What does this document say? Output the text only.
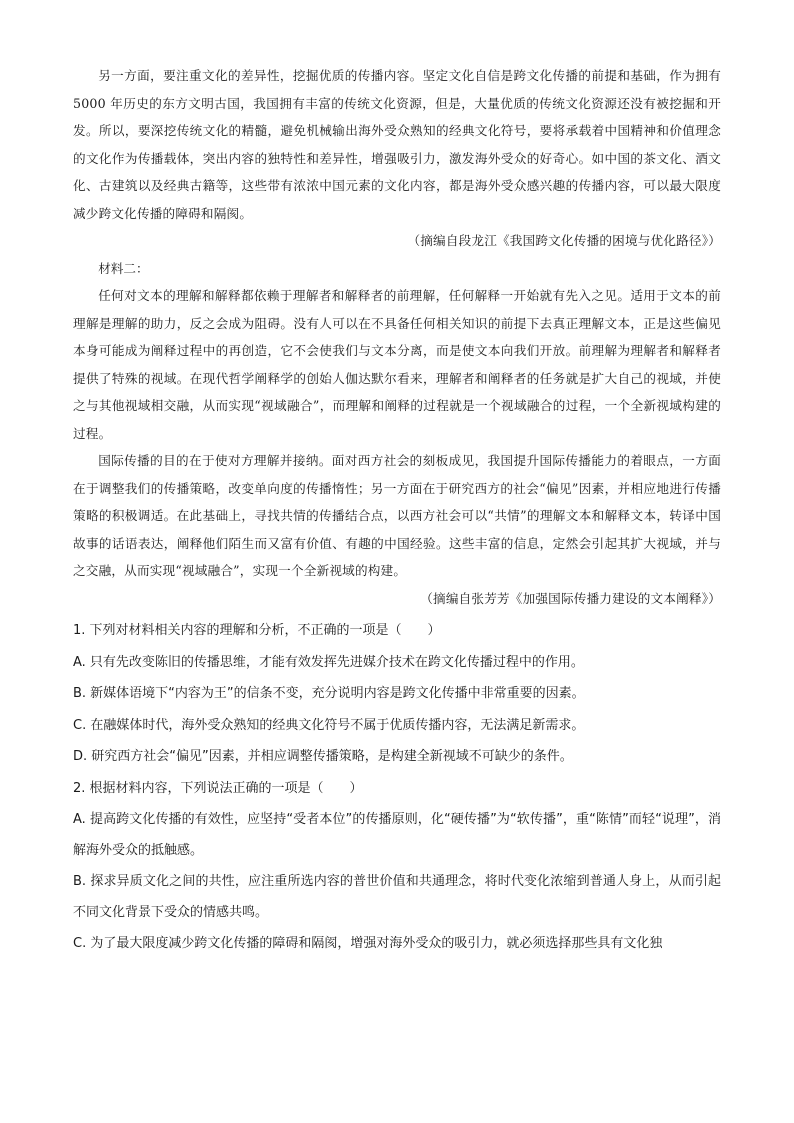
另一方面，要注重文化的差异性，挖掘优质的传播内容。坚定文化自信是跨文化传播的前提和基础，作为拥有 5000 年历史的东方文明古国，我国拥有丰富的传统文化资源，但是，大量优质的传统文化资源还没有被挖掘和开发。所以，要深挖传统文化的精髓，避免机械输出海外受众熟知的经典文化符号，要将承载着中国精神和价值理念的文化作为传播载体，突出内容的独特性和差异性，增强吸引力，激发海外受众的好奇心。如中国的茶文化、酒文化、古建筑以及经典古籍等，这些带有浓浓中国元素的文化内容，都是海外受众感兴趣的传播内容，可以最大限度减少跨文化传播的障碍和隔阂。

（摘编自段龙江《我国跨文化传播的困境与优化路径》）

材料二：

任何对文本的理解和解释都依赖于理解者和解释者的前理解，任何解释一开始就有先入之见。适用于文本的前理解是理解的助力，反之会成为阻碍。没有人可以在不具备任何相关知识的前提下去真正理解文本，正是这些偏见本身可能成为阐释过程中的再创造，它不会使我们与文本分离，而是使文本向我们开放。前理解为理解者和解释者提供了特殊的视域。在现代哲学阐释学的创始人伽达默尔看来，理解者和阐释者的任务就是扩大自己的视域，并使之与其他视域相交融，从而实现“视域融合”，而理解和阐释的过程就是一个视域融合的过程，一个全新视域构建的过程。

国际传播的目的在于使对方理解并接纳。面对西方社会的刻板成见，我国提升国际传播能力的着眼点，一方面在于调整我们的传播策略，改变单向度的传播惰性；另一方面在于研究西方的社会“偏见”因素，并相应地进行传播策略的积极调适。在此基础上，寻找共情的传播结合点，以西方社会可以“共情”的理解文本和解释文本，转译中国故事的话语表达，阐释他们陌生而又富有价值、有趣的中国经验。这些丰富的信息，定然会引起其扩大视域，并与之交融，从而实现“视域融合”，实现一个全新视域的构建。

（摘编自张芳芳《加强国际传播力建设的文本阐释》）

1. 下列对材料相关内容的理解和分析，不正确的一项是（　　）

A. 只有先改变陈旧的传播思维，才能有效发挥先进媒介技术在跨文化传播过程中的作用。

B. 新媒体语境下“内容为王”的信条不变，充分说明内容是跨文化传播中非常重要的因素。

C. 在融媒体时代，海外受众熟知的经典文化符号不属于优质传播内容，无法满足新需求。

D. 研究西方社会“偏见”因素，并相应调整传播策略，是构建全新视域不可缺少的条件。

2. 根据材料内容，下列说法正确的一项是（　　）

A. 提高跨文化传播的有效性，应坚持“受者本位”的传播原则，化“硬传播”为“软传播”，重“陈情”而轻“说理”，消解海外受众的抵触感。

B. 探求异质文化之间的共性，应注重所选内容的普世价值和共通理念，将时代变化浓缩到普通人身上，从而引起不同文化背景下受众的情感共鸣。

C. 为了最大限度减少跨文化传播的障碍和隔阂，增强对海外受众的吸引力，就必须选择那些具有文化独
